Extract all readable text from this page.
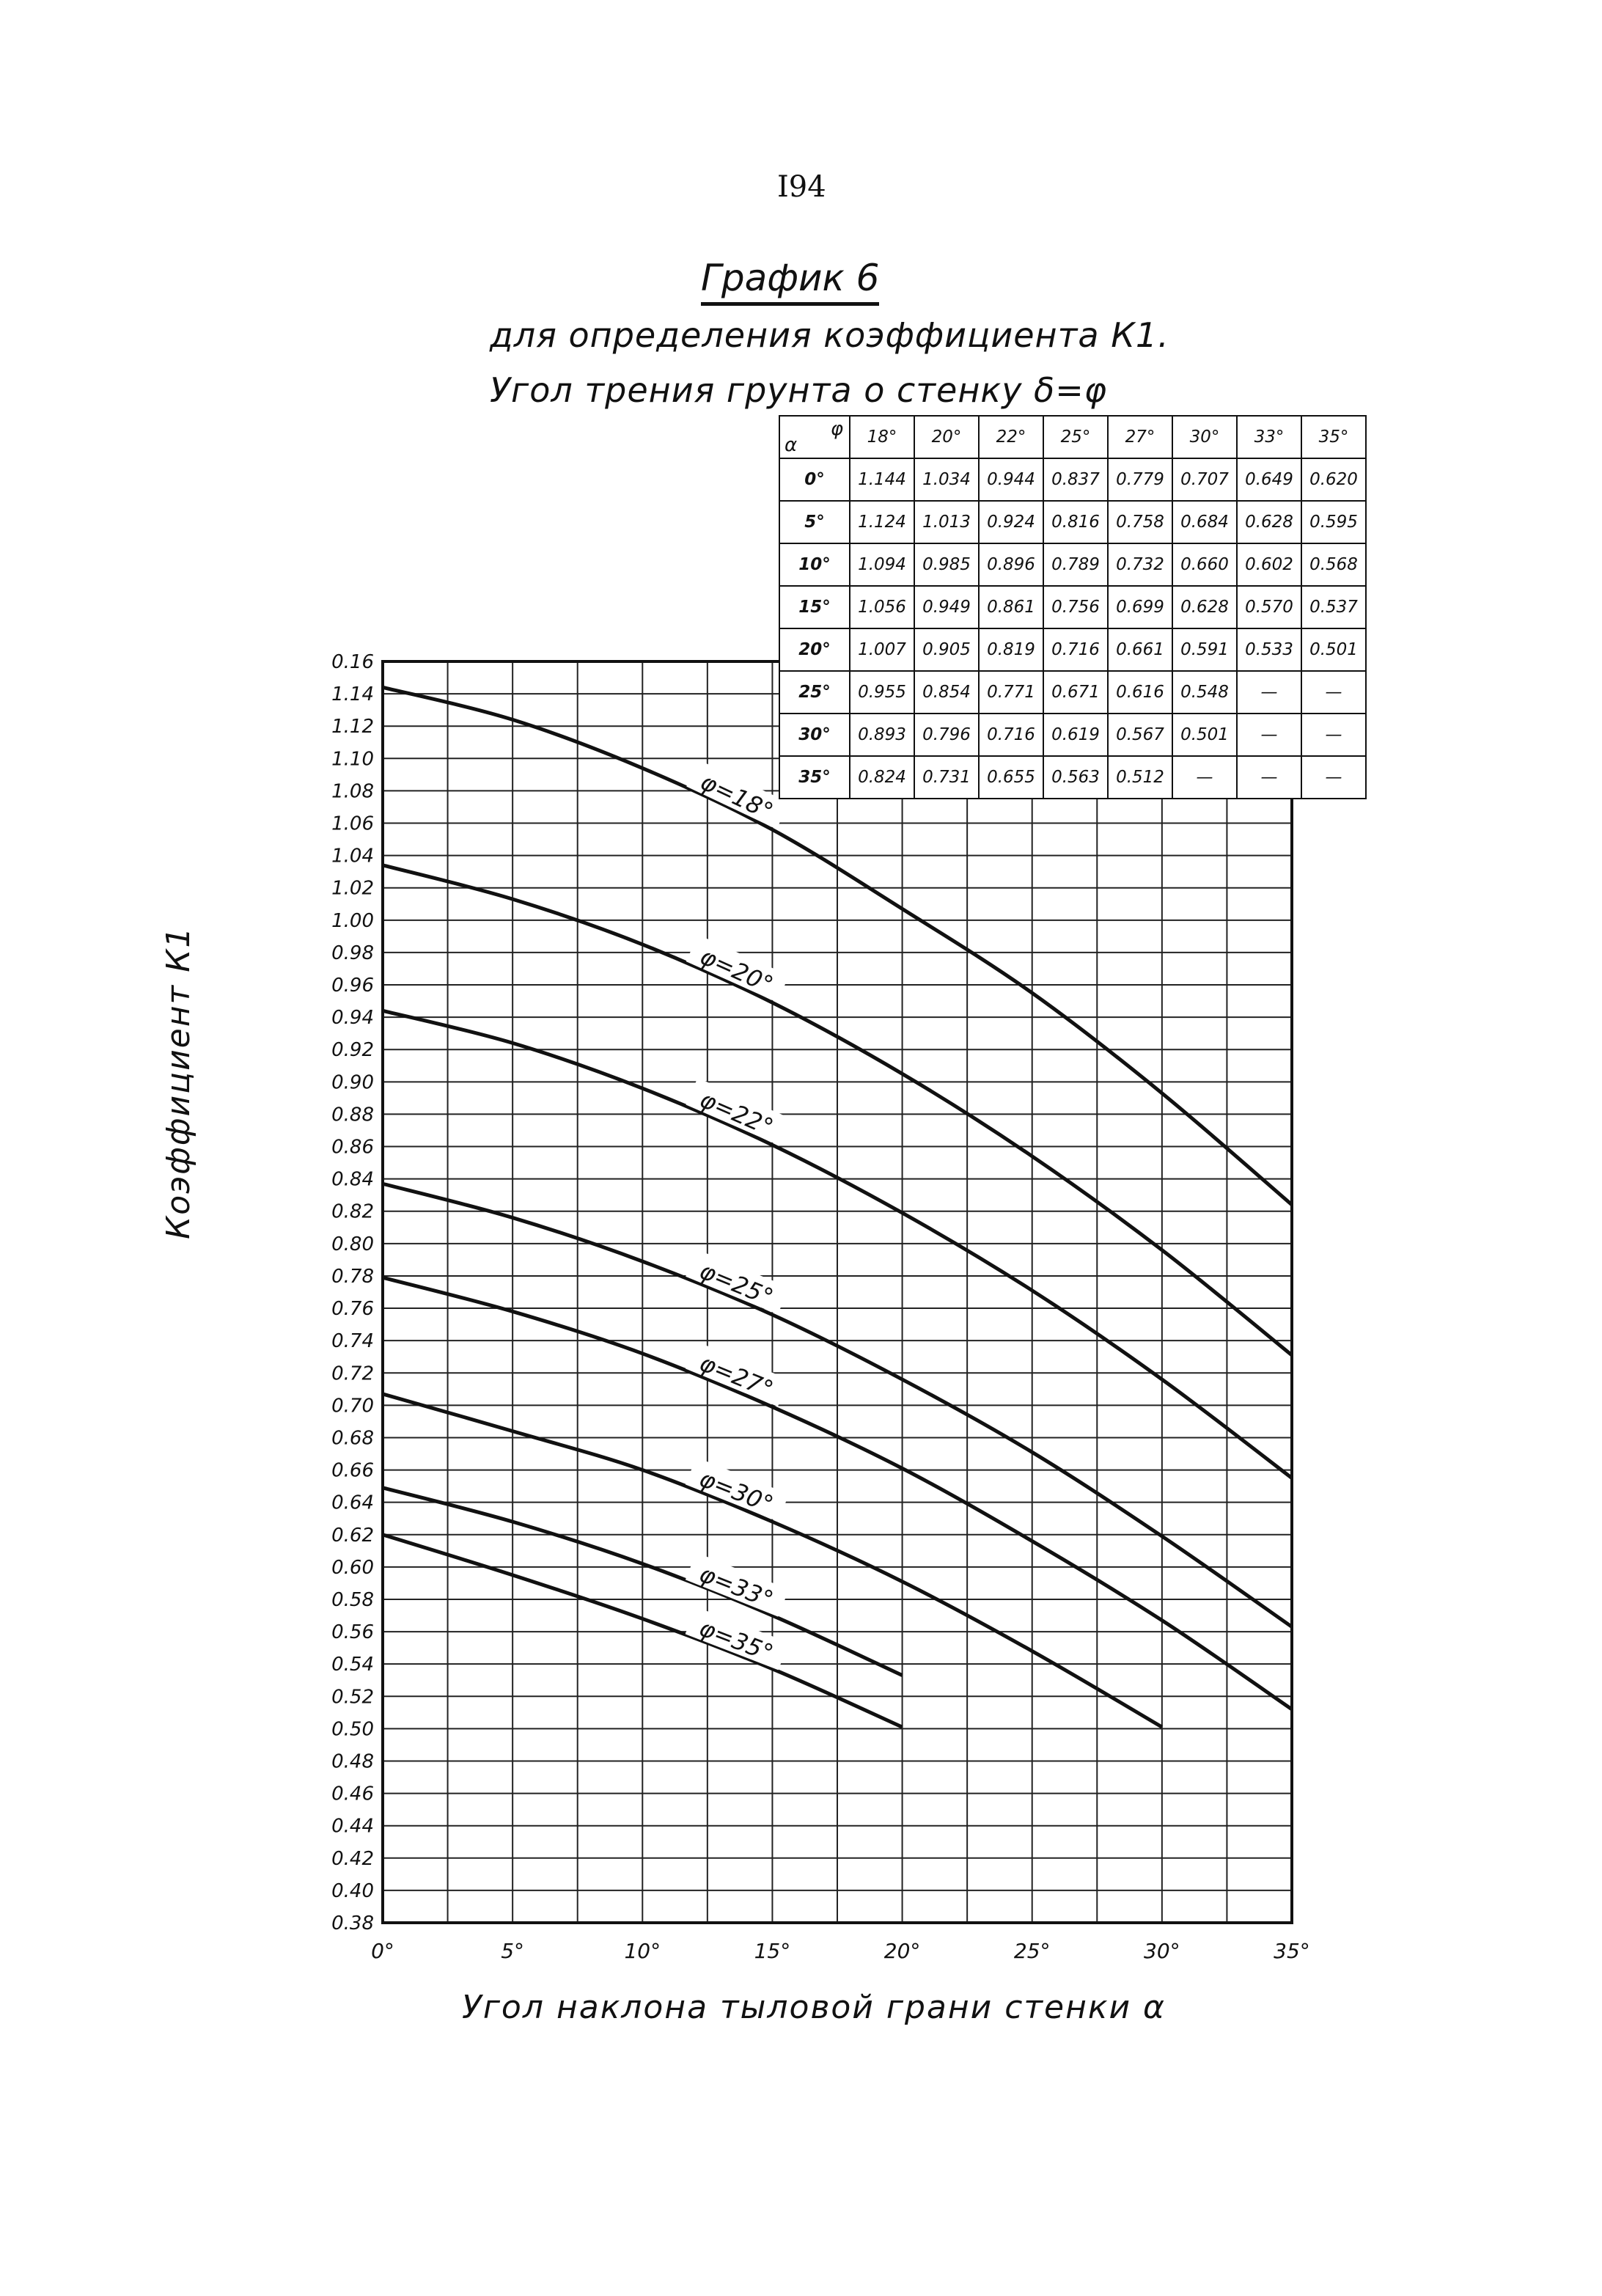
I94
График 6
для определения коэффициента К1.
Угол трения грунта о стенку δ=φ
φ=18°
φ=20°
φ=22°
φ=25°
φ=27°
φ=30°
φ=33°
φ=35°
0.16
1.14
1.12
1.10
1.08
1.06
1.04
1.02
1.00
0.98
0.96
0.94
0.92
0.90
0.88
0.86
0.84
0.82
0.80
0.78
0.76
0.74
0.72
0.70
0.68
0.66
0.64
0.62
0.60
0.58
0.56
0.54
0.52
0.50
0.48
0.46
0.44
0.42
0.40
0.38
0°	5°	10°	15°	20°	25°	30°	35°
Коэффициент К1
Угол наклона тыловой грани стенки α
φ
α	18°	20°	22°	25°	27°	30°	33°	35°
0°	1.144	1.034	0.944	0.837	0.779	0.707	0.649	0.620
5°	1.124	1.013	0.924	0.816	0.758	0.684	0.628	0.595
10°	1.094	0.985	0.896	0.789	0.732	0.660	0.602	0.568
15°	1.056	0.949	0.861	0.756	0.699	0.628	0.570	0.537
20°	1.007	0.905	0.819	0.716	0.661	0.591	0.533	0.501
25°	0.955	0.854	0.771	0.671	0.616	0.548	—	—
30°	0.893	0.796	0.716	0.619	0.567	0.501	—	—
35°	0.824	0.731	0.655	0.563	0.512	—	—	—
